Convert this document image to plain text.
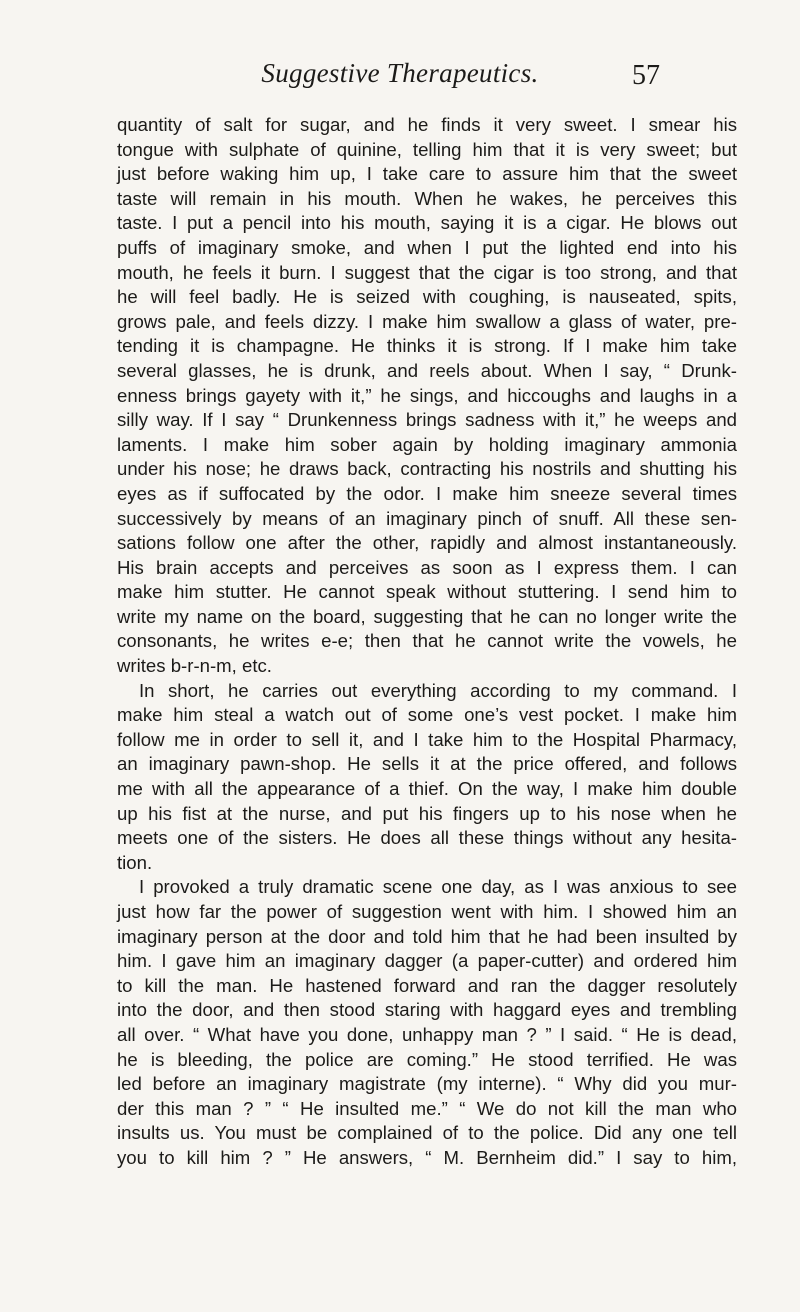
Suggestive Therapeutics.	57
quantity of salt for sugar, and he finds it very sweet. I smear his
tongue with sulphate of quinine, telling him that it is very sweet; but
just before waking him up, I take care to assure him that the sweet
taste will remain in his mouth. When he wakes, he perceives this
taste. I put a pencil into his mouth, saying it is a cigar. He blows out
puffs of imaginary smoke, and when I put the lighted end into his
mouth, he feels it burn. I suggest that the cigar is too strong, and that
he will feel badly. He is seized with coughing, is nauseated, spits,
grows pale, and feels dizzy. I make him swallow a glass of water, pre-
tending it is champagne. He thinks it is strong. If I make him take
several glasses, he is drunk, and reels about. When I say, “ Drunk-
enness brings gayety with it,” he sings, and hiccoughs and laughs in a
silly way. If I say “ Drunkenness brings sadness with it,” he weeps and
laments. I make him sober again by holding imaginary ammonia
under his nose; he draws back, contracting his nostrils and shutting his
eyes as if suffocated by the odor. I make him sneeze several times
successively by means of an imaginary pinch of snuff. All these sen-
sations follow one after the other, rapidly and almost instantaneously.
His brain accepts and perceives as soon as I express them. I can
make him stutter. He cannot speak without stuttering. I send him to
write my name on the board, suggesting that he can no longer write the
consonants, he writes e-e; then that he cannot write the vowels, he
writes b-r-n-m, etc.
In short, he carries out everything according to my command. I
make him steal a watch out of some one’s vest pocket. I make him
follow me in order to sell it, and I take him to the Hospital Pharmacy,
an imaginary pawn-shop. He sells it at the price offered, and follows
me with all the appearance of a thief. On the way, I make him double
up his fist at the nurse, and put his fingers up to his nose when he
meets one of the sisters. He does all these things without any hesita-
tion.
I provoked a truly dramatic scene one day, as I was anxious to see
just how far the power of suggestion went with him. I showed him an
imaginary person at the door and told him that he had been insulted by
him. I gave him an imaginary dagger (a paper-cutter) and ordered him
to kill the man. He hastened forward and ran the dagger resolutely
into the door, and then stood staring with haggard eyes and trembling
all over. “ What have you done, unhappy man ? ” I said. “ He is dead,
he is bleeding, the police are coming.” He stood terrified. He was
led before an imaginary magistrate (my interne). “ Why did you mur-
der this man ? ” “ He insulted me.” “ We do not kill the man who
insults us. You must be complained of to the police. Did any one tell
you to kill him ? ” He answers, “ M. Bernheim did.” I say to him,
